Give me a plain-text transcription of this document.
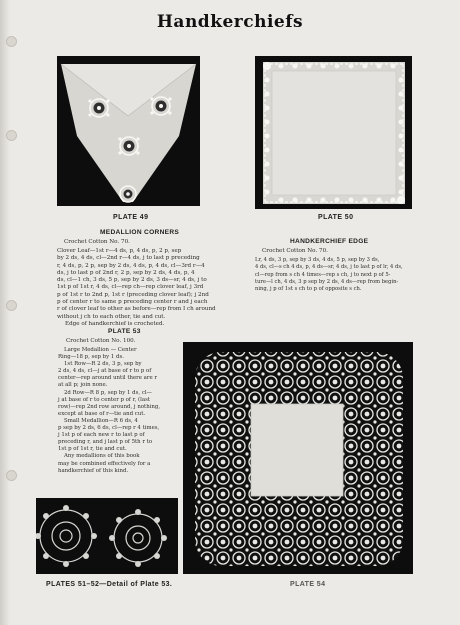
Handkerchiefs
PLATE 49	PLATE 50
MEDALLION CORNERS
Crochet Cotton No. 70.

Clover Leaf—1st r—4 ds, p, 4 ds, p, 2 p, sep

by 2 ds, 4 ds, cl—2nd r—4 ds, j to last p preceding

r, 4 ds, p, 2 p, sep by 2 ds, 4 ds, p, 4 ds, cl—3rd r—4

ds, j to last p of 2nd r, 2 p, sep by 2 ds, 4 ds, p, 4

ds, cl—1 ch, 3 ds, 5 p, sep by 2 ds, 3 ds—sr, 4 ds, j to

1st p of 1st r, 4 ds, cl—rep ch—rep clover leaf, j 3rd

p of 1st r to 2nd p, 1st r (preceding clover leaf); j 2nd

p of center r to same p preceding center r and j each

r of clover leaf to other as before—rep from I ch around

without j ch to each other, tie and cut.

Edge of handkerchief is crocheted.

HANDKERCHIEF EDGE
Crochet Cotton No. 70.

Lr, 4 ds, 3 p, sep by 3 ds, 4 ds, 5 p, sep by 3 ds,

4 ds, cl—s ch 4 ds, p, 4 ds—sr, 4 ds, j to last p of lr, 4 ds,

cl—rep from s ch 4 times—rep s ch, j to next p of 5-

ture—l ch, 4 ds, 3 p sep by 2 ds, 4 ds—rep from begin-

ning, j p of 1st s ch to p of opposite s ch.

PLATE 53
Crochet Cotton No. 100.

Large Medallion — Center

Ring—18 p, sep by 1 ds.

1st Row—R 2 ds, 3 p, sep by

2 ds, 4 ds, cl—j at base of r to p of

center—rep around until there are r

at all p; join none.

2d Row—R 8 p, sep by 1 ds, cl—

j at base of r to center p of r, (last

row)—rep 2nd row around, j nothing,

except at base of r—tie and cut.

Small Medallion—R 6 ds, 4

p sep by 2 ds, 6 ds, cl—rep r 4 times,

j 1st p of each new r to last p of

preceding r, and j last p of 5th r to

1st p of 1st r, tie and cut.

Any medallions of this book

may be combined effectively for a

handkerchief of this kind.

PLATE 54
PLATES 51–52—Detail of Plate 53.
